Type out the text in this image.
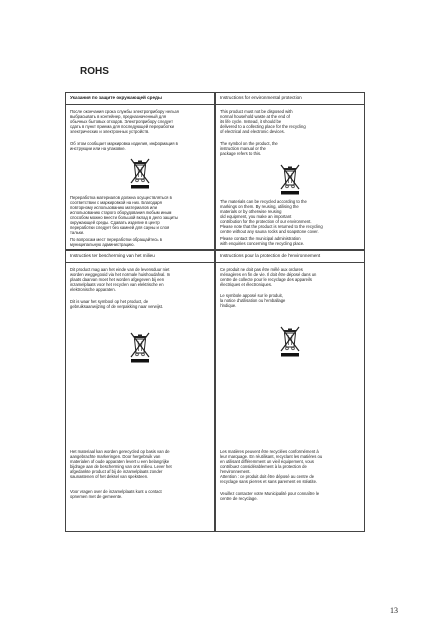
ROHS
Указания по защите окружающей среды
После окончания срока службы электроприбору нельзя
выбрасывать в контейнер, предназначенный для
обычных бытовых отходов. Электроприбору следует
сдать в пункт приема для последующей переработки
электрических и электронных устройств.
Об этом сообщает маркировка изделия, информация в
инструкции или на упаковке.
Переработка материалов должна осуществляться в
соответствии с маркировкой на них. Благодаря
повторному использованию материалов или
использованию старого оборудования любым иным
способом можно внести большой вклад в дело защиты
окружающей среды. Сдавать изделие в центр
переработки следует без камней для сауны и слоя
тальки.
По вопросам мест переработки обращайтесь в
муниципальную администрацию.
Instructions for environmental protection
This product must not be disposed with
normal household waste at the end of
its life cycle. Instead, it should be
delivered to a collecting place for the recycling
of electrical and electronic devices.
The symbol on the product, the
instruction manual or the
package refers to this.
The materials can be recycled according to the
markings on them. By reusing, utilising the
materials or by otherwise reusing
old equipment, you make an important
contribution for the protection of our environment.
Please note that the product is returned to the recycling
centre without any sauna rocks and soapstone cover.
Please contact the municipal administration
with enquiries concerning the recycling place.
Instructies ter bescherming van het milieu
Dit product mag aan het einde van de levensduur niet
worden weggegooid via het normale huishoudafval. In
plaats daarvan moet het worden afgegeven bij een
inzamelplaats voor het recyclen van elektrische en
elektronische apparaten.
Dit is waar het symbool op het product, de
gebruiksaanwijzing of de verpakking naar verwijst.
Het materiaal kan worden gerecycled op basis van de
aangebrachte markeringen. Door hergebruik van
materialen of oude apparaten levert u een belangrijke
bijdrage aan de bescherming van ons milieu. Lever het
afgedankte product af bij de inzamelplaats zonder
saunastenen of het deksel van speksteen.
Voor vragen over de inzamelplaats kunt u contact
opnemen met de gemeente.
Instructions pour la protection de l'environnement
Ce produit ne doit pas être mêlé aux ordures
ménagères en fin de vie. Il doit être déposé dans un
centre de collecte pour le recyclage des appareils
électriques et électroniques.
Le symbole apposé sur le produit,
la notice d'utilisation ou l'emballage
l'indique.
Les matières peuvent être recyclées conformément à
leur marquage. En réutilisant, recyclant les matières ou
en utilisant différemment un vieil équipement, vous
contribuez considérablement à la protection de
l'environnement.
Attention : ce produit doit être déposé au centre de
recyclage sans pierres et sans parement en stéatite.
Veuillez contacter votre Municipalité pour connaître le
centre de recyclage.
13
